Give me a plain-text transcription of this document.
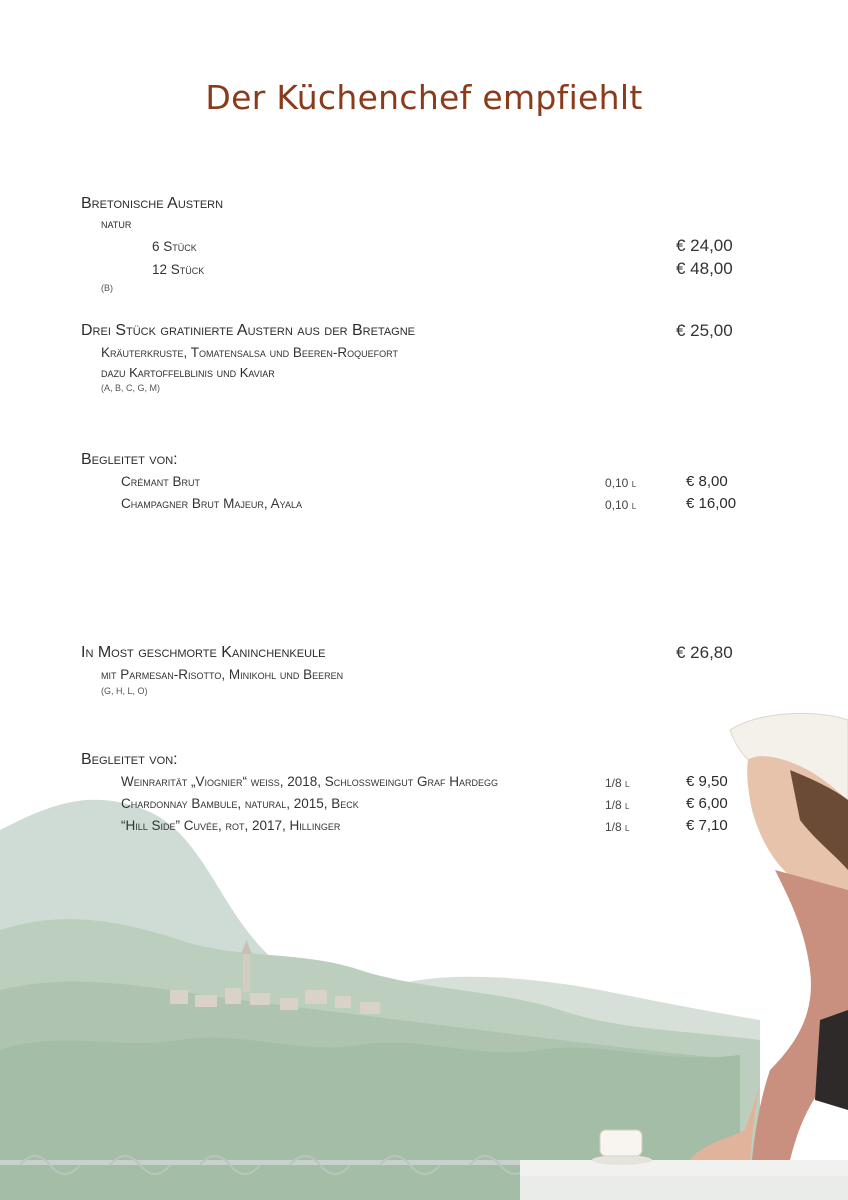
Der Küchenchef empfiehlt
Bretonische Austern
natur
6 Stück	€ 24,00
12 Stück	€ 48,00
(B)
Drei Stück gratinierte Austern aus der Bretagne	€ 25,00
Kräuterkruste, Tomatensalsa und Beeren-Roquefort
dazu Kartoffelblinis und Kaviar
(A, B, C, G, M)
Begleitet von:
Crémant Brut	0,10 l	€ 8,00
Champagner Brut Majeur, Ayala	0,10 l	€ 16,00
In Most geschmorte Kaninchenkeule	€ 26,80
mit Parmesan-Risotto, Minikohl und Beeren
(G, H, L, O)
Begleitet von:
Weinrarität „Viognier“ weiß, 2018, Schlossweingut Graf Hardegg	1/8 l	€ 9,50
Chardonnay Bambule, natural, 2015, Beck	1/8 l	€ 6,00
“Hill Side” Cuvée, rot, 2017, Hillinger	1/8 l	€ 7,10
